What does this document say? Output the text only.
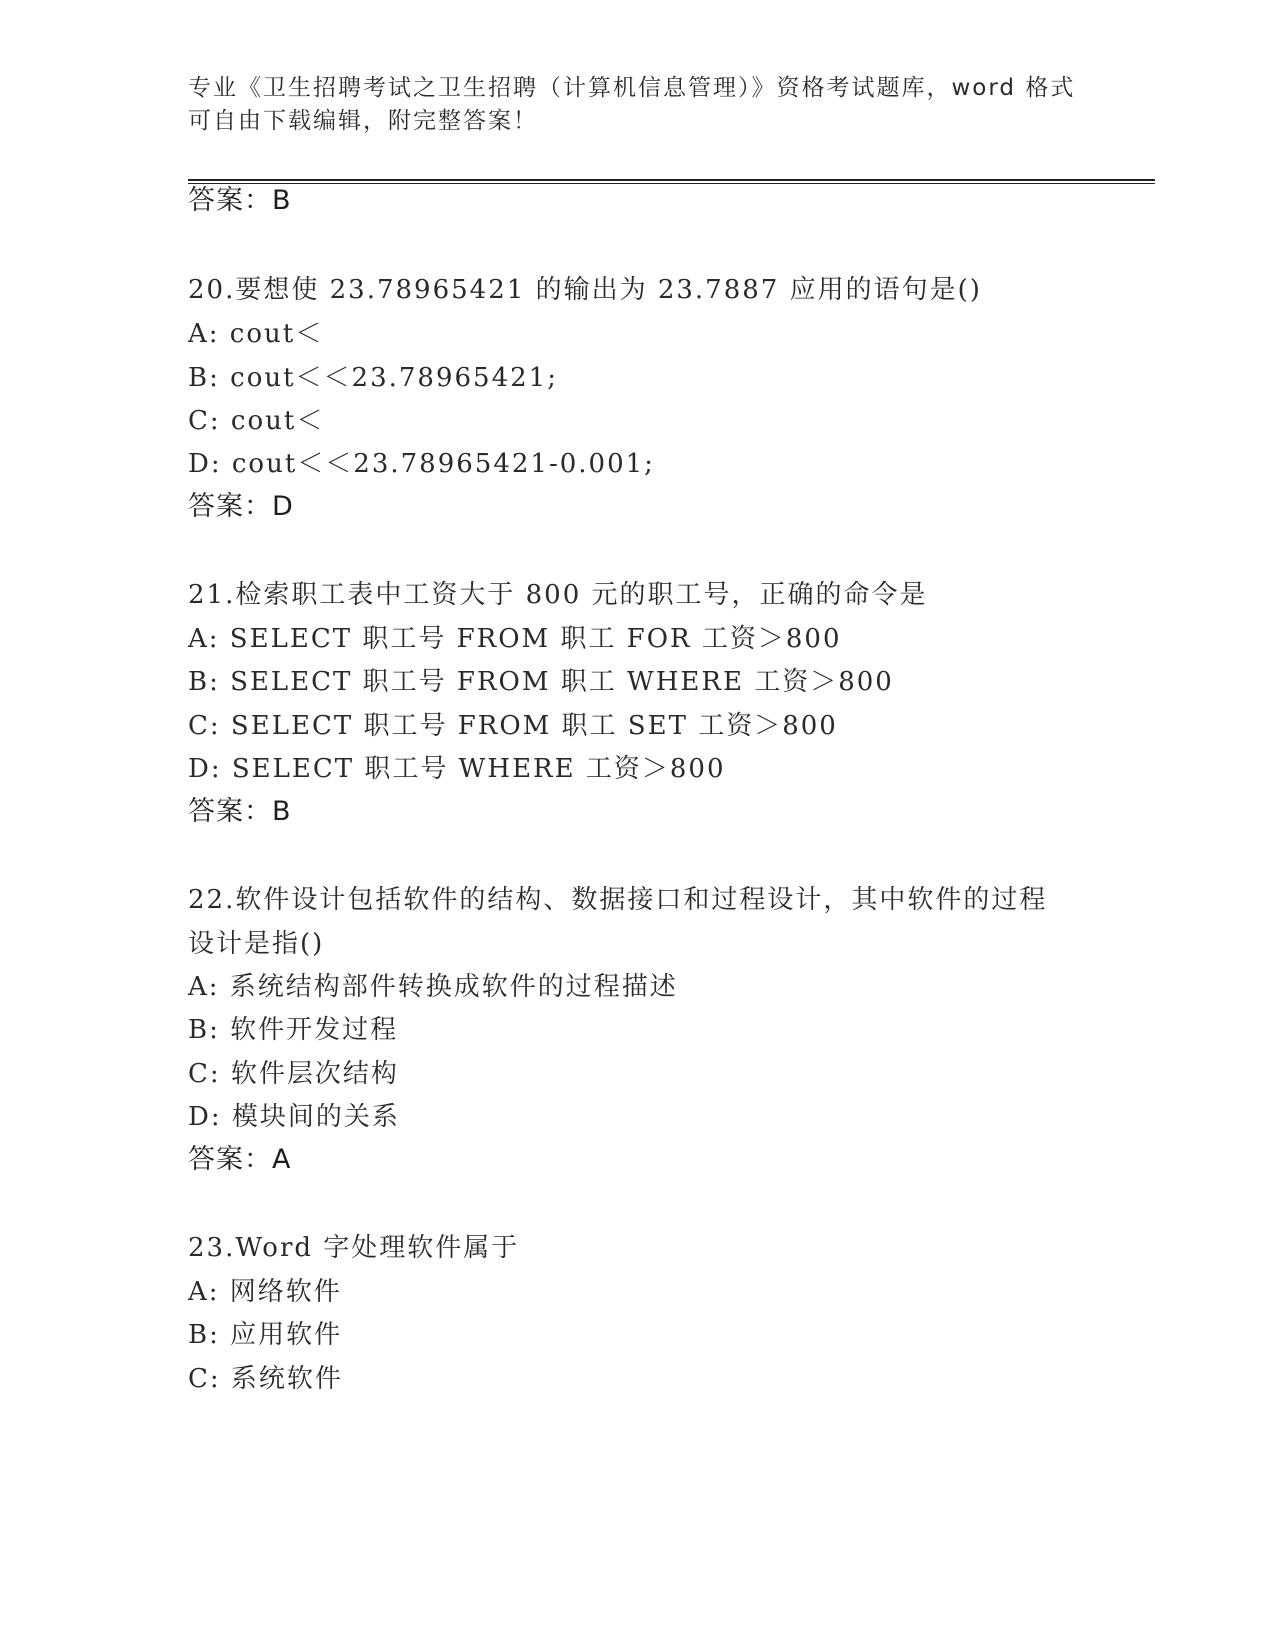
专业《卫生招聘考试之卫生招聘（计算机信息管理）》资格考试题库，word 格式
可自由下载编辑，附完整答案！
答案：B
20.要想使 23.78965421 的输出为 23.7887 应用的语句是()
A: cout＜
B: cout＜＜23.78965421;
C: cout＜
D: cout＜＜23.78965421-0.001;
答案：D
21.检索职工表中工资大于 800 元的职工号，正确的命令是
A: SELECT 职工号 FROM 职工 FOR 工资＞800
B: SELECT 职工号 FROM 职工 WHERE 工资＞800
C: SELECT 职工号 FROM 职工 SET 工资＞800
D: SELECT 职工号 WHERE 工资＞800
答案：B
22.软件设计包括软件的结构、数据接口和过程设计，其中软件的过程
设计是指()
A: 系统结构部件转换成软件的过程描述
B: 软件开发过程
C: 软件层次结构
D: 模块间的关系
答案：A
23.Word 字处理软件属于
A: 网络软件
B: 应用软件
C: 系统软件
